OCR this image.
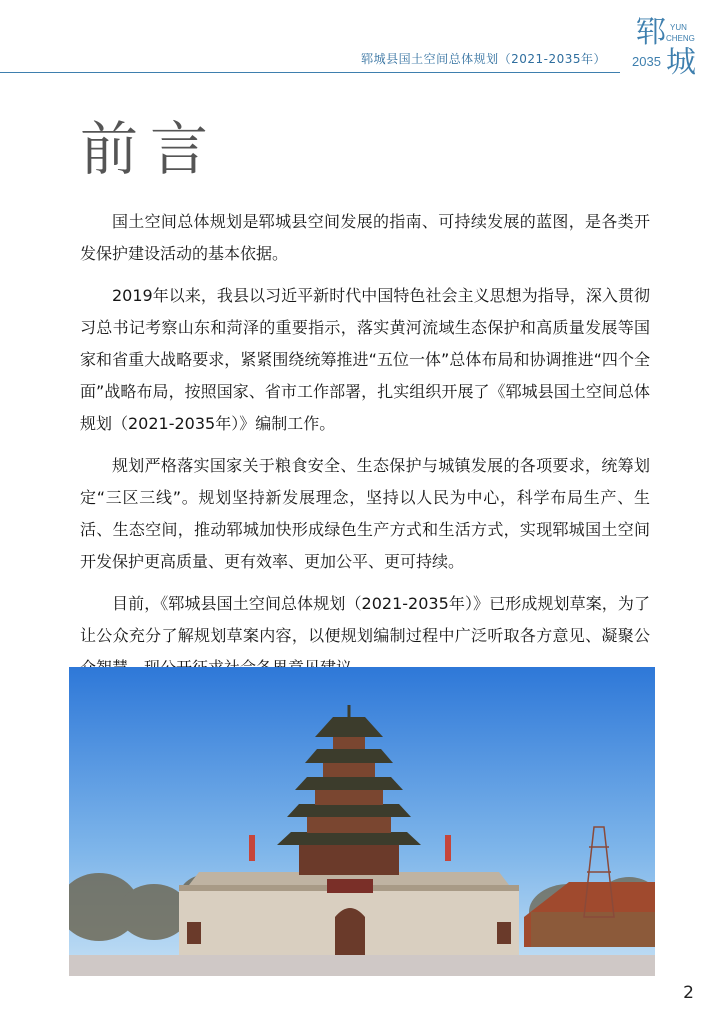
郓城县国土空间总体规划（2021-2035年）
郓 YUN
CHENG
2035 城
前言

国土空间总体规划是郓城县空间发展的指南、可持续发展的蓝图，是各类开发保护建设活动的基本依据。

2019年以来，我县以习近平新时代中国特色社会主义思想为指导，深入贯彻习总书记考察山东和菏泽的重要指示，落实黄河流域生态保护和高质量发展等国家和省重大战略要求，紧紧围绕统筹推进“五位一体”总体布局和协调推进“四个全面”战略布局，按照国家、省市工作部署，扎实组织开展了《郓城县国土空间总体规划（2021-2035年）》编制工作。

规划严格落实国家关于粮食安全、生态保护与城镇发展的各项要求，统筹划定“三区三线”。规划坚持新发展理念，坚持以人民为中心，科学布局生产、生活、生态空间，推动郓城加快形成绿色生产方式和生活方式，实现郓城国土空间开发保护更高质量、更有效率、更加公平、更可持续。

目前，《郓城县国土空间总体规划（2021-2035年）》已形成规划草案，为了让公众充分了解规划草案内容，以便规划编制过程中广泛听取各方意见、凝聚公

2
